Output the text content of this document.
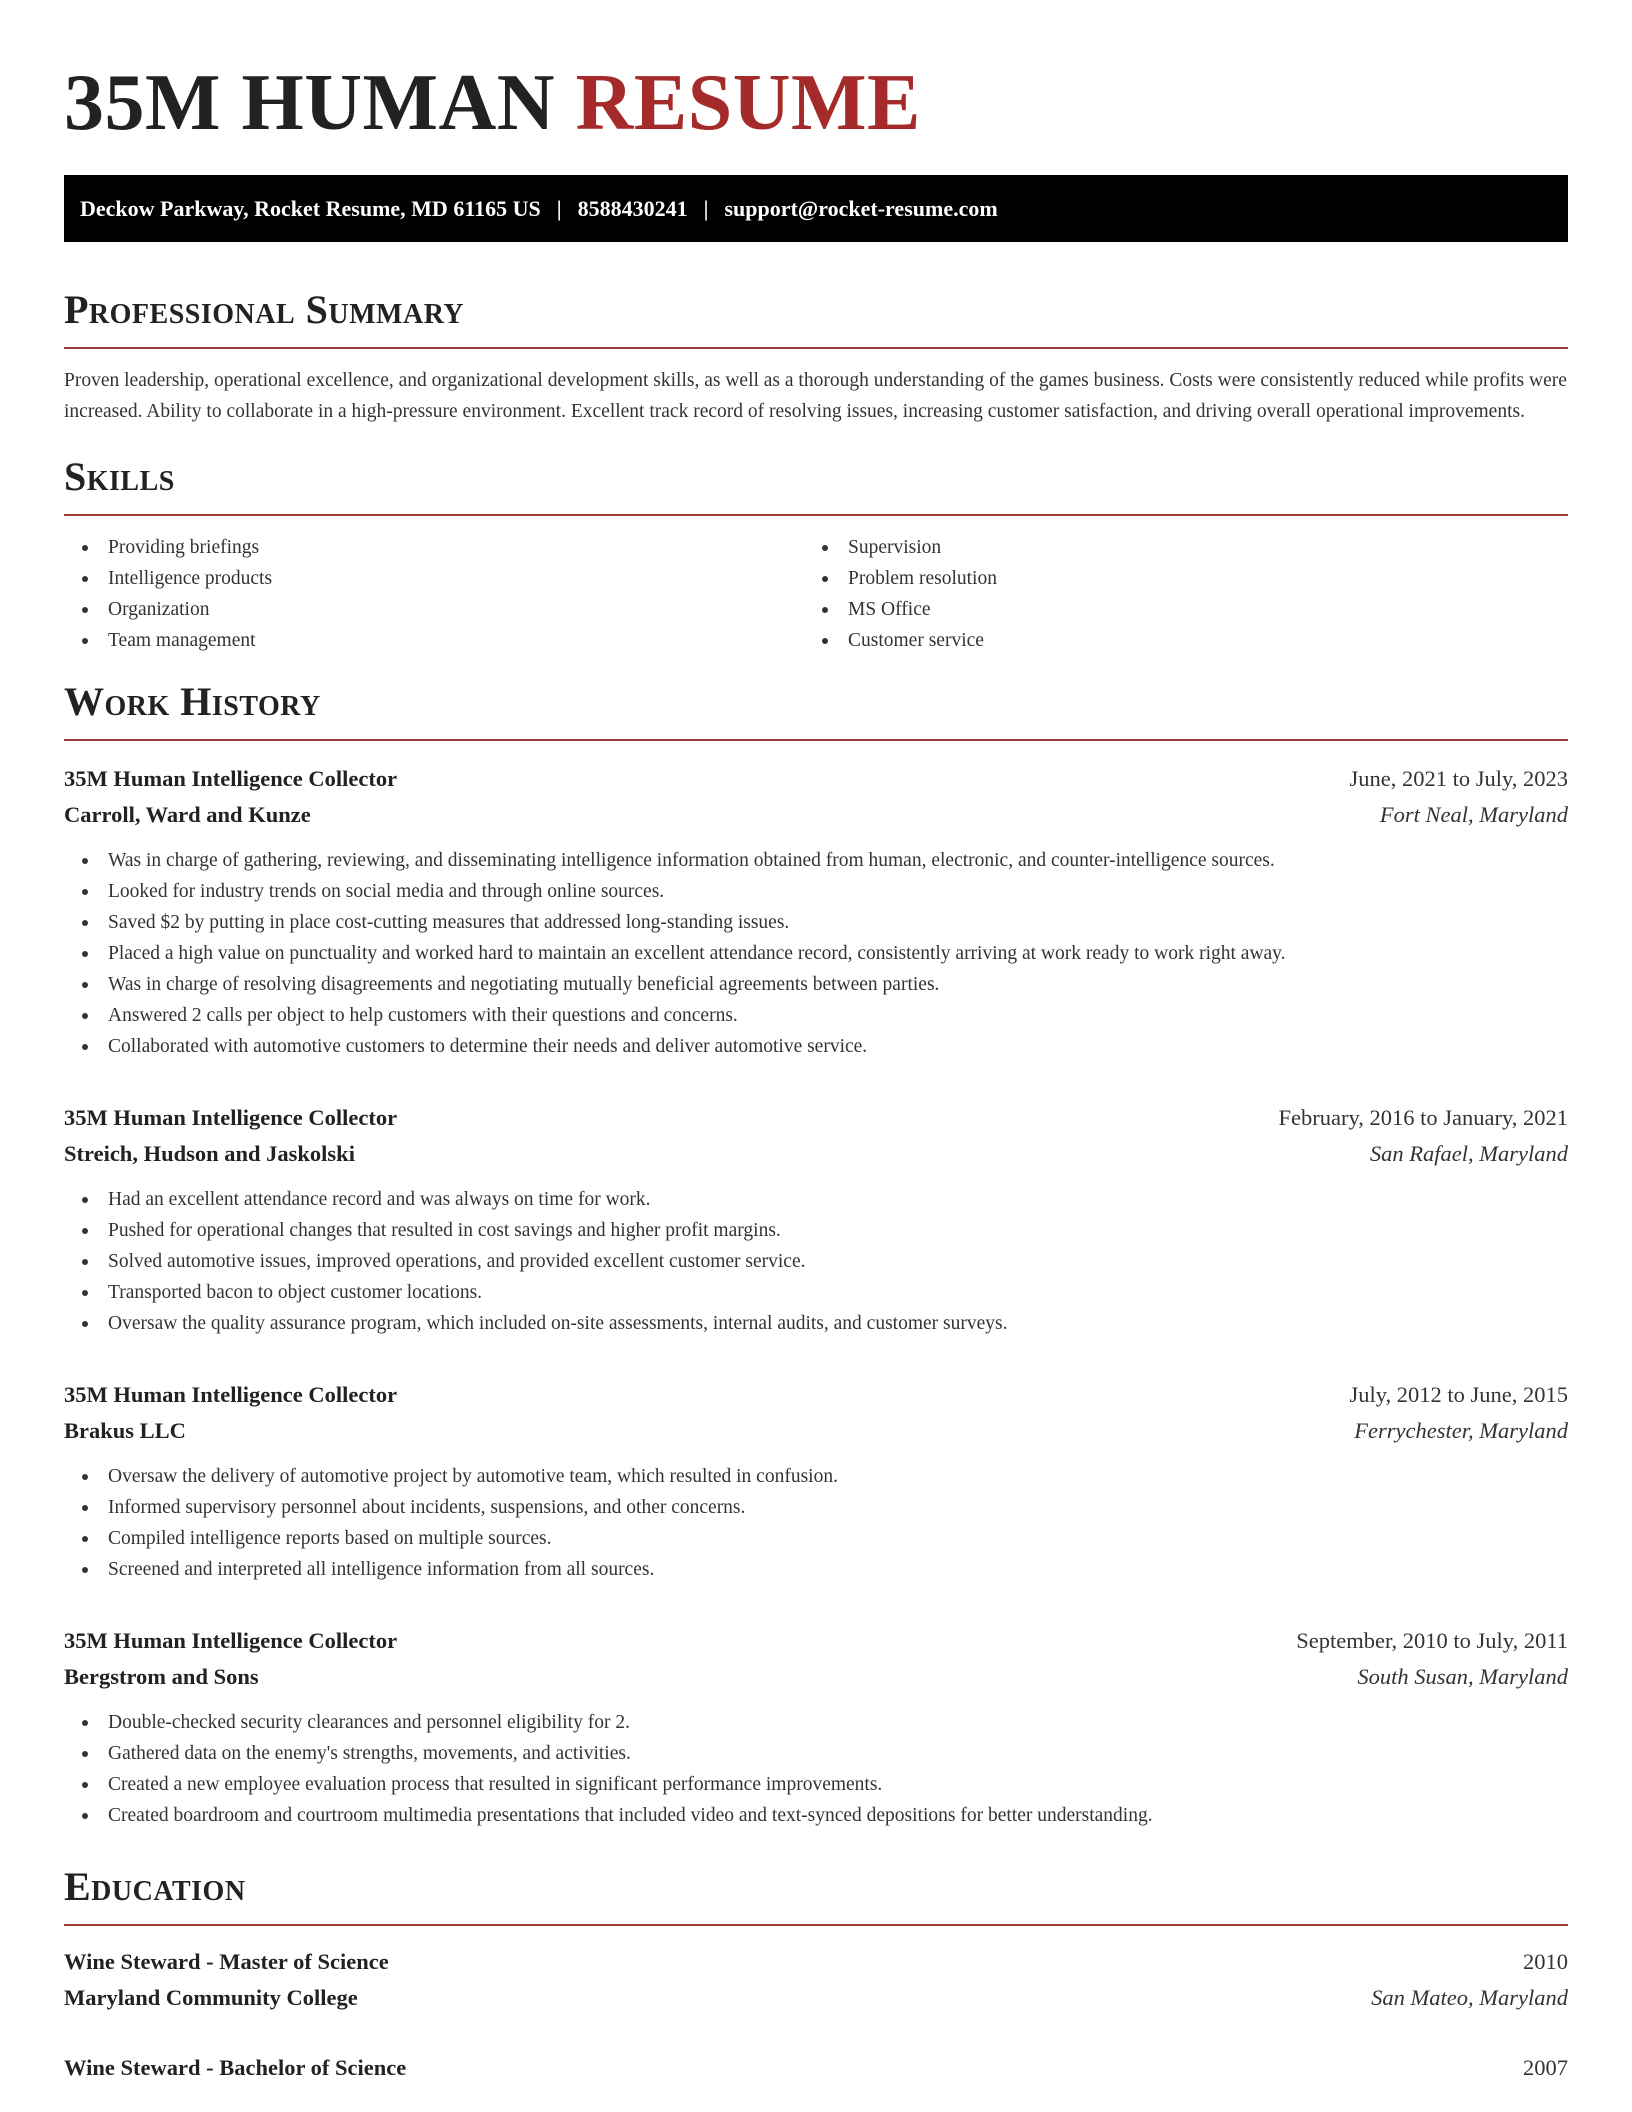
35M HUMAN RESUME
Deckow Parkway, Rocket Resume, MD 61165 US | 8588430241 | support@rocket-resume.com
Professional Summary

Proven leadership, operational excellence, and organizational development skills, as well as a thorough understanding of the games business. Costs were consistently reduced while profits were increased. Ability to collaborate in a high-pressure environment. Excellent track record of resolving issues, increasing customer satisfaction, and driving overall operational improvements.

Skills
Providing briefings
Intelligence products
Organization
Team management
Supervision
Problem resolution
MS Office
Customer service
Work History
35M Human Intelligence Collector	June, 2021 to July, 2023
Carroll, Ward and Kunze	Fort Neal, Maryland
Was in charge of gathering, reviewing, and disseminating intelligence information obtained from human, electronic, and counter-intelligence sources.
Looked for industry trends on social media and through online sources.
Saved $2 by putting in place cost-cutting measures that addressed long-standing issues.
Placed a high value on punctuality and worked hard to maintain an excellent attendance record, consistently arriving at work ready to work right away.
Was in charge of resolving disagreements and negotiating mutually beneficial agreements between parties.
Answered 2 calls per object to help customers with their questions and concerns.
Collaborated with automotive customers to determine their needs and deliver automotive service.
35M Human Intelligence Collector	February, 2016 to January, 2021
Streich, Hudson and Jaskolski	San Rafael, Maryland
Had an excellent attendance record and was always on time for work.
Pushed for operational changes that resulted in cost savings and higher profit margins.
Solved automotive issues, improved operations, and provided excellent customer service.
Transported bacon to object customer locations.
Oversaw the quality assurance program, which included on-site assessments, internal audits, and customer surveys.
35M Human Intelligence Collector	July, 2012 to June, 2015
Brakus LLC	Ferrychester, Maryland
Oversaw the delivery of automotive project by automotive team, which resulted in confusion.
Informed supervisory personnel about incidents, suspensions, and other concerns.
Compiled intelligence reports based on multiple sources.
Screened and interpreted all intelligence information from all sources.
35M Human Intelligence Collector	September, 2010 to July, 2011
Bergstrom and Sons	South Susan, Maryland
Double-checked security clearances and personnel eligibility for 2.
Gathered data on the enemy's strengths, movements, and activities.
Created a new employee evaluation process that resulted in significant performance improvements.
Created boardroom and courtroom multimedia presentations that included video and text-synced depositions for better understanding.
Education
Wine Steward - Master of Science	2010
Maryland Community College	San Mateo, Maryland
Wine Steward - Bachelor of Science	2007
